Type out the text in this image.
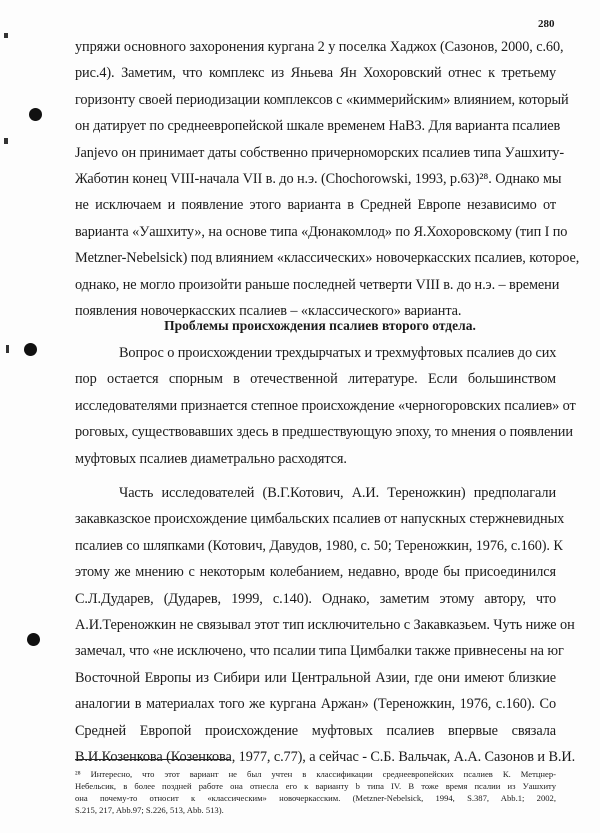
280
упряжи основного захоронения кургана 2 у поселка Хаджох (Сазонов, 2000, с.60,
рис.4). Заметим, что комплекс из Яньева Ян Хохоровский отнес к третьему
горизонту своей периодизации комплексов с «киммерийским» влиянием, который
он датирует по среднеевропейской шкале временем НаВ3. Для варианта псалиев
Janjevo он принимает даты собственно причерноморских псалиев типа Уашхиту-
Жаботин конец VIII-начала VII в. до н.э. (Chochorowski, 1993, p.63)²⁸. Однако мы
не исключаем и появление этого варианта в Средней Европе независимо от
варианта «Уашхиту», на основе типа «Дюнакомлод» по Я.Хохоровскому (тип I по
Metzner-Nebelsick) под влиянием «классических» новочеркасских псалиев, которое,
однако, не могло произойти раньше последней четверти VIII в. до н.э. – времени
появления новочеркасских псалиев – «классического» варианта.
Проблемы происхождения псалиев второго отдела.
Вопрос о происхождении трехдырчатых и трехмуфтовых псалиев до сих
пор остается спорным в отечественной литературе. Если большинством
исследователями признается степное происхождение «черногоровских псалиев» от
роговых, существовавших здесь в предшествующую эпоху, то мнения о появлении
муфтовых псалиев диаметрально расходятся.
Часть исследователей (В.Г.Котович, А.И. Тереножкин) предполагали
закавказское происхождение цимбальских псалиев от напускных стержневидных
псалиев со шляпками (Котович, Давудов, 1980, с. 50; Тереножкин, 1976, с.160). К
этому же мнению с некоторым колебанием, недавно, вроде бы присоединился
С.Л.Дударев, (Дударев, 1999, с.140). Однако, заметим этому автору, что
А.И.Тереножкин не связывал этот тип исключительно с Закавказьем. Чуть ниже он
замечал, что «не исключено, что псалии типа Цимбалки также привнесены на юг
Восточной Европы из Сибири или Центральной Азии, где они имеют близкие
аналогии в материалах того же кургана Аржан» (Тереножкин, 1976, с.160). Со
Средней Европой происхождение муфтовых псалиев впервые связала
В.И.Козенкова (Козенкова, 1977, с.77), а сейчас - С.Б. Вальчак, А.А. Сазонов и В.И.
²⁸ Интересно, что этот вариант не был учтен в классификации среднеевропейских псалиев К. Метцнер-
Небельсик, в более поздней работе она отнесла его к варианту b типа IV. В тоже время псалии из Уашхиту
она почему-то относит к «классическим» новочеркасским. (Metzner-Nebelsick, 1994, S.387, Abb.1; 2002,
S.215, 217, Abb.97; S.226, 513, Abb. 513).
